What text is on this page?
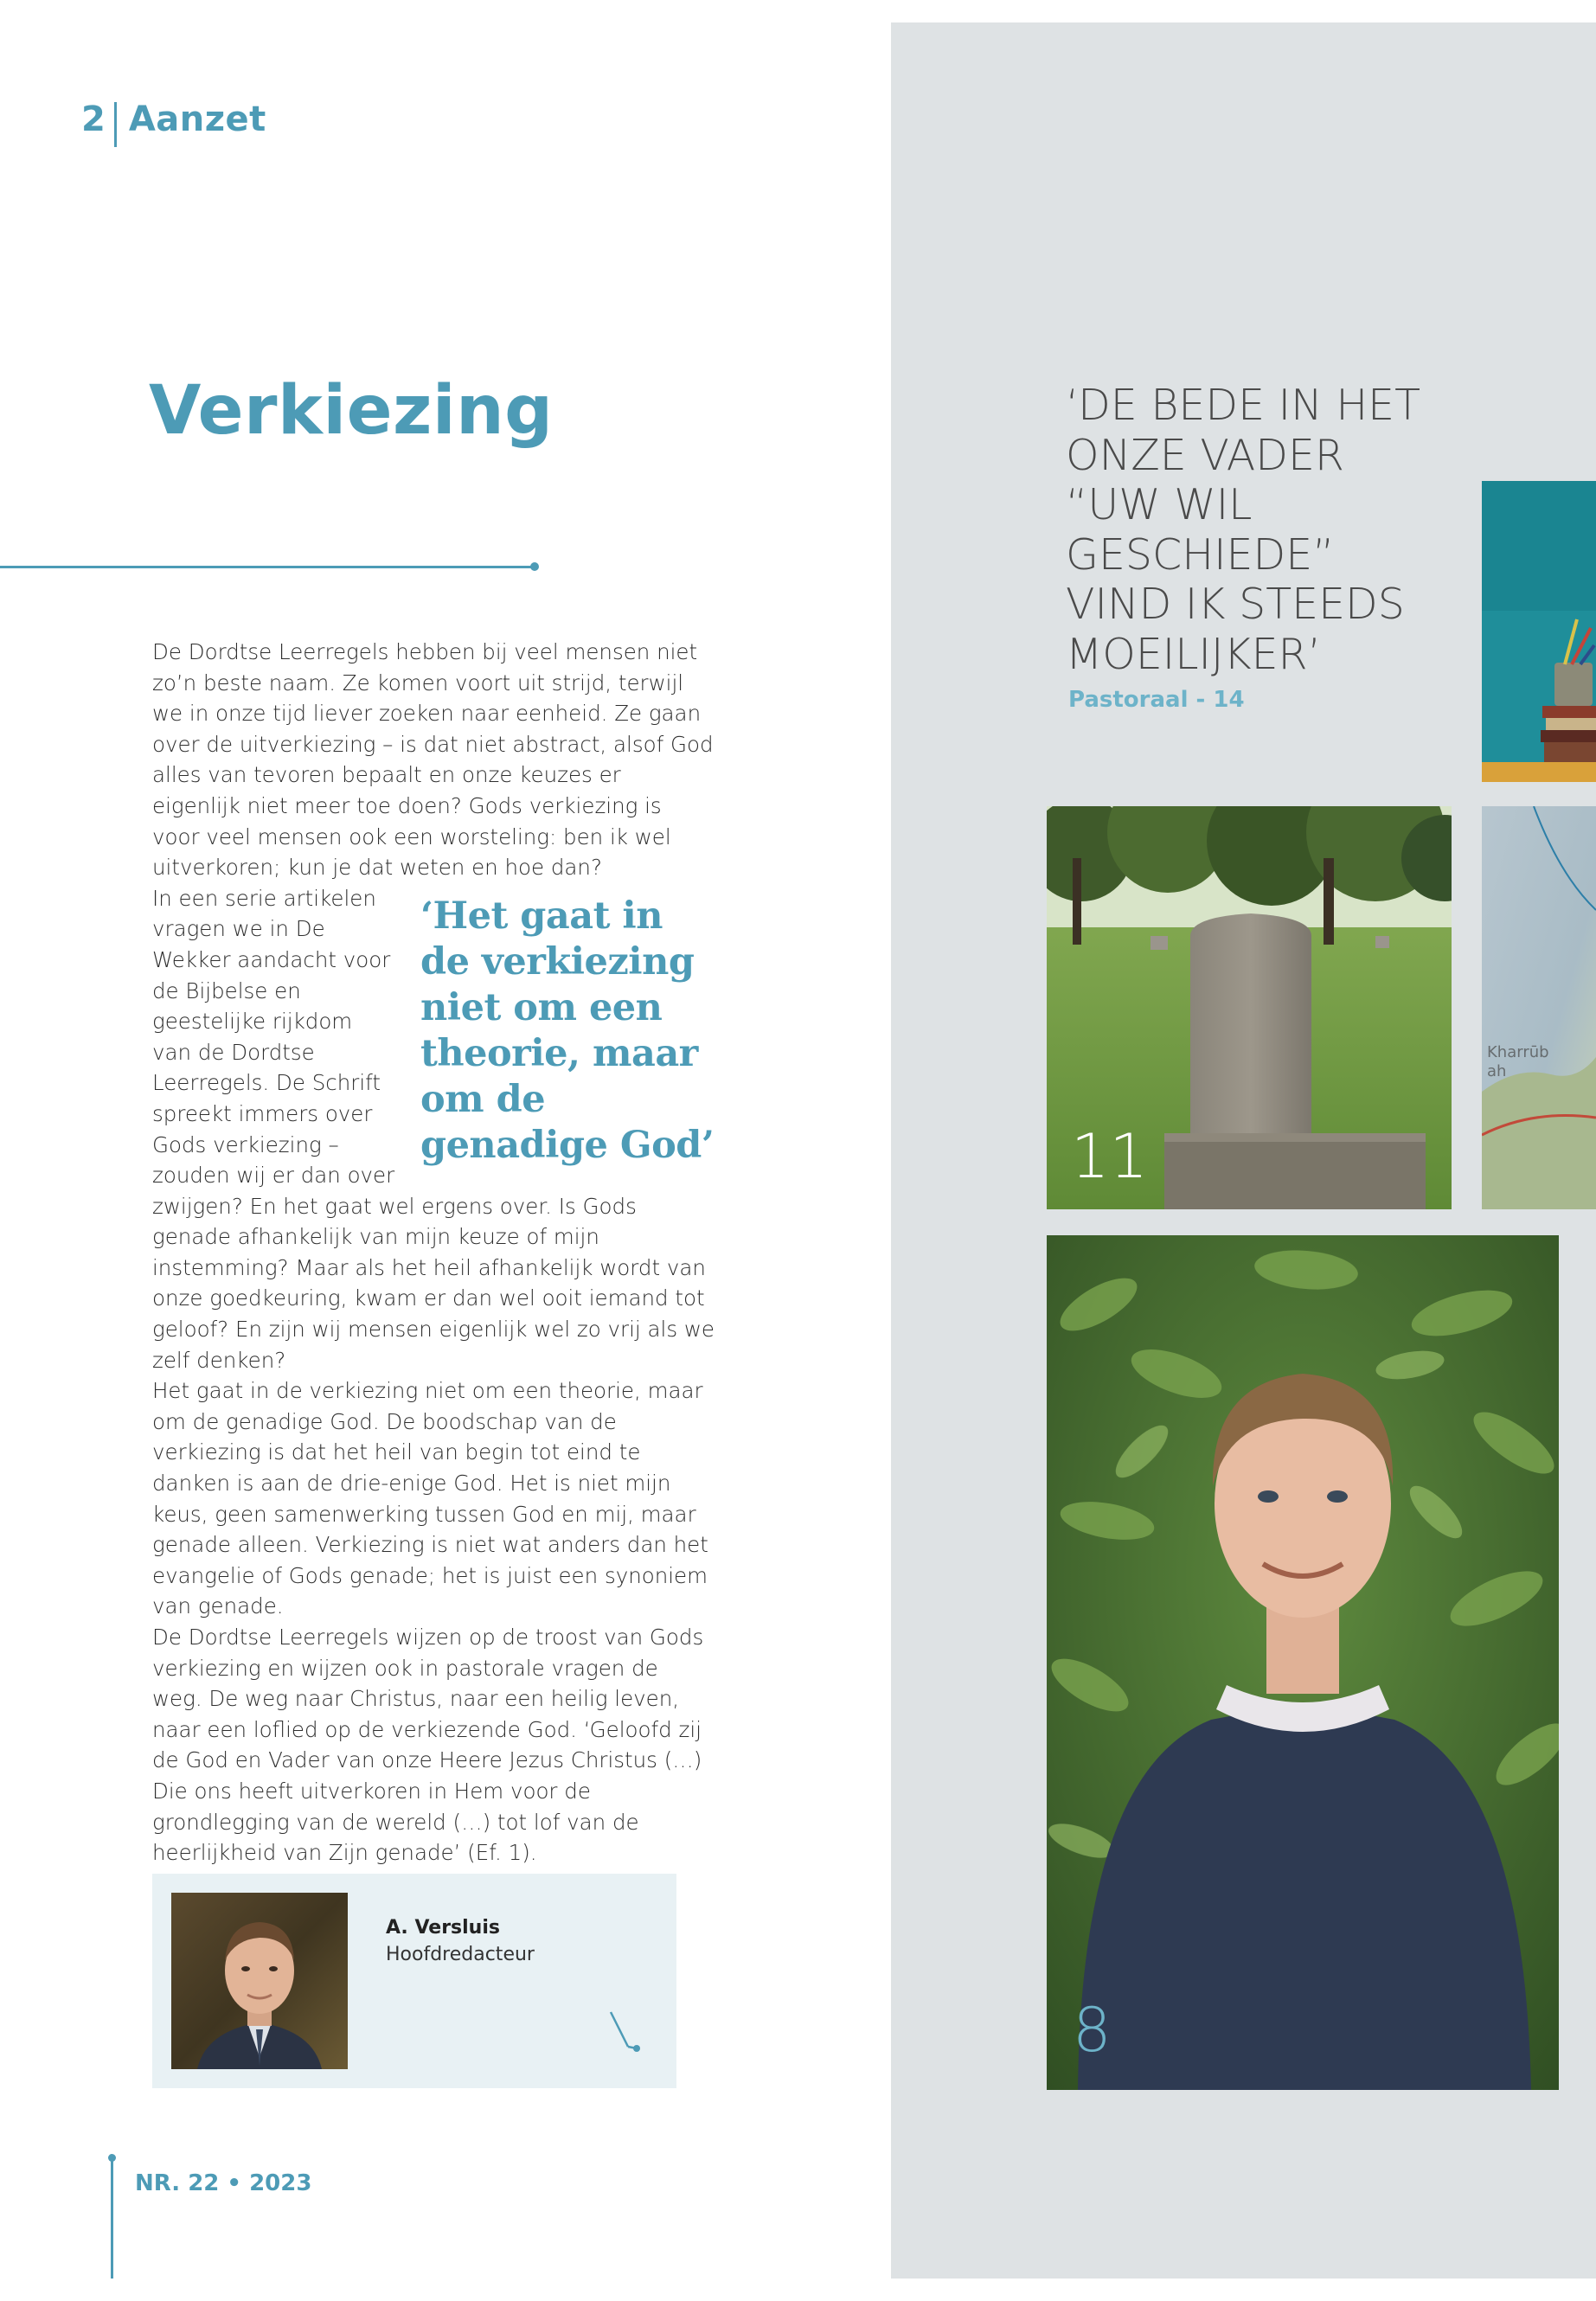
2 Aanzet
Verkiezing

De Dordtse Leerregels hebben bij veel mensen niet zo’n beste naam. Ze komen voort uit strijd, terwijl we in onze tijd liever zoeken naar eenheid. Ze gaan over de uitverkiezing – is dat niet abstract, alsof God alles van tevoren bepaalt en onze keuzes er eigenlijk niet meer toe doen? Gods verkiezing is voor veel mensen ook een worsteling: ben ik wel uitverkoren; kun je dat weten en hoe dan?

‘Het gaat in de verkiezing niet om een theorie, maar om de genadige God’

In een serie artikelen vragen we in De Wekker aandacht voor de Bijbelse en geestelijke rijkdom van de Dordtse Leerregels. De Schrift spreekt immers over Gods verkiezing – zouden wij er dan over zwijgen? En het gaat wel ergens over. Is Gods genade afhankelijk van mijn keuze of mijn instemming? Maar als het heil afhankelijk wordt van onze goedkeuring, kwam er dan wel ooit iemand tot geloof? En zijn wij mensen eigenlijk wel zo vrij als we zelf denken?

Het gaat in de verkiezing niet om een theorie, maar om de genadige God. De boodschap van de verkiezing is dat het heil van begin tot eind te danken is aan de drie-enige God. Het is niet mijn keus, geen samenwerking tussen God en mij, maar genade alleen. Verkiezing is niet wat anders dan het evangelie of Gods genade; het is juist een synoniem van genade.

De Dordtse Leerregels wijzen op de troost van Gods verkiezing en wijzen ook in pastorale vragen de weg. De weg naar Christus, naar een heilig leven, naar een loflied op de verkiezende God. ‘Geloofd zij de God en Vader van onze Heere Jezus Christus (…) Die ons heeft uitverkoren in Hem voor de grondlegging van de wereld (…) tot lof van de heerlijkheid van Zijn genade’ (Ef. 1).

A. Versluis
Hoofdredacteur
NR. 22 • 2023
‘DE BEDE IN HET ONZE VADER “UW WIL GESCHIEDE” VIND IK STEEDS MOEILIJKER’
Pastoraal - 14
Kharrūb
ah
11
8
